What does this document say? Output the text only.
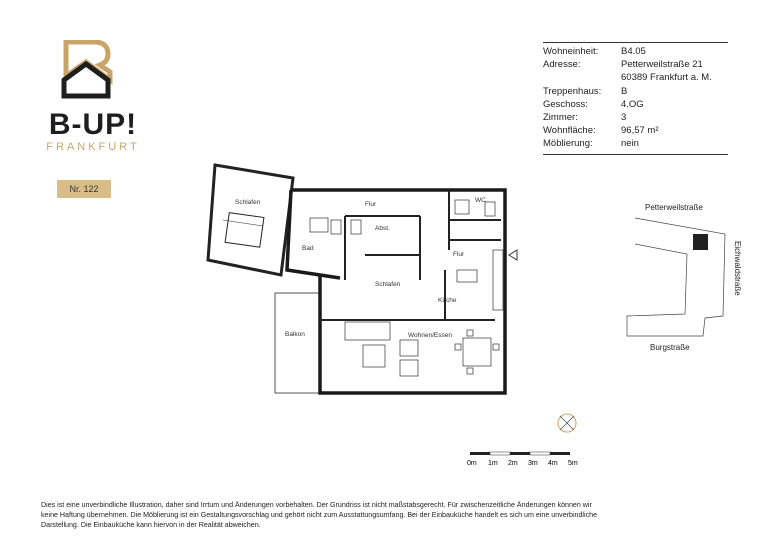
B-UP!
FRANKFURT
Nr. 122
Wohneinheit:	B4.05
Adresse:	Petterweilstraße 21
60389 Frankfurt a. M.
Treppenhaus:	B
Geschoss:	4.OG
Zimmer:	3
Wohnfläche:	96,57 m²
Möblierung:	nein
Schlafen	Flur
WC
Bad
Abst.
Flur
Schlafen
Küche
Wohnen/Essen
Balkon
Petterweilstraße
Eichwaldstraße
Burgstraße
0m 1m 2m 3m 4m 5m
Dies ist eine unverbindliche Illustration, daher sind Irrtum und Änderungen vorbehalten. Der Grundriss ist nicht maßstabsgerecht. Für zwischenzeitliche Änderungen können wir keine Haftung übernehmen. Die Möblierung ist ein Gestaltungsvorschlag und gehört nicht zum Ausstattungsumfang. Bei der Einbauküche handelt es sich um eine unverbindliche Darstellung. Die Einbauküche kann hiervon in der Realität abweichen.
